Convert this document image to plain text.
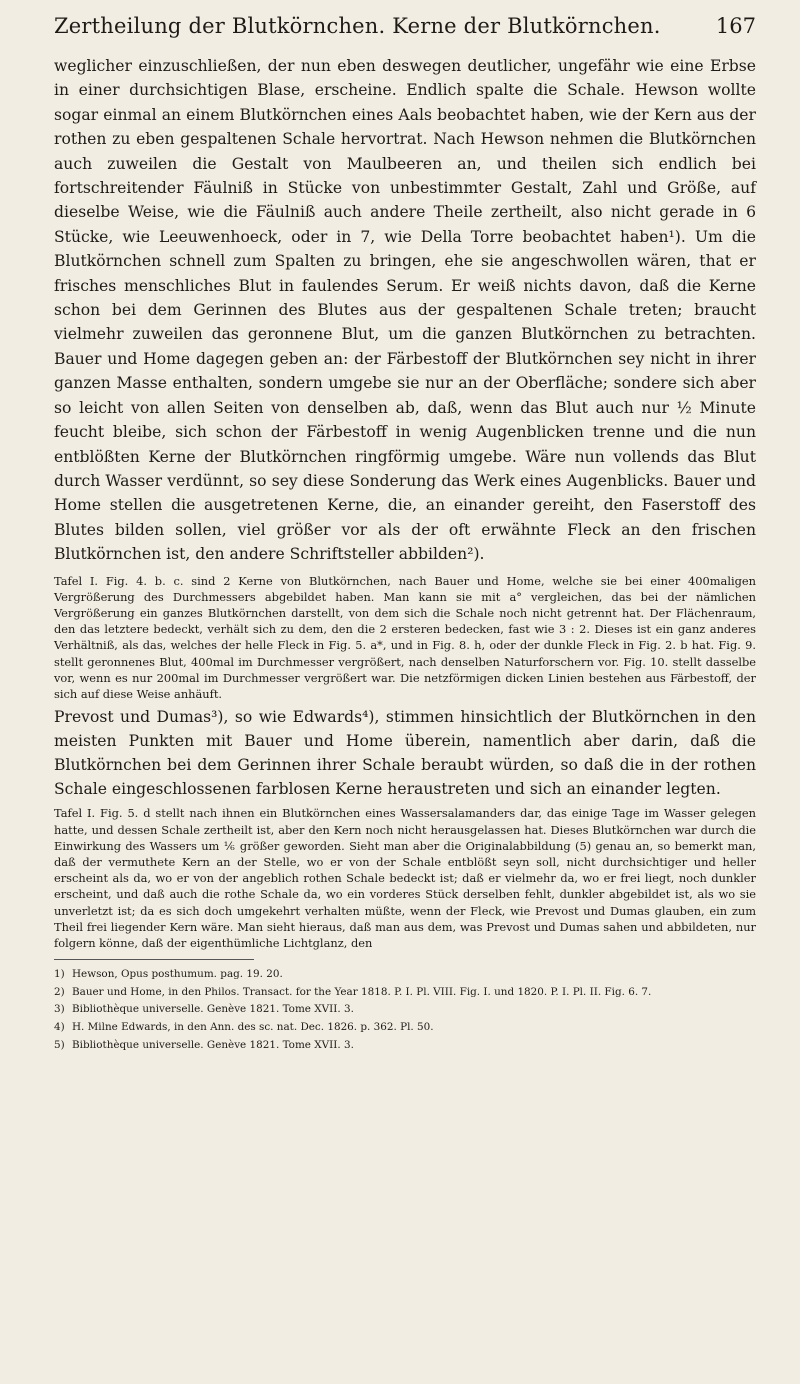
Zertheilung der Blutkörnchen. Kerne der Blutkörnchen.	167

weglicher einzuschließen, der nun eben deswegen deutlicher, ungefähr wie eine Erbse in einer durchsichtigen Blase, erscheine. Endlich spalte die Schale. Hewson wollte sogar einmal an einem Blutkörnchen eines Aals beobachtet haben, wie der Kern aus der rothen zu eben gespaltenen Schale hervortrat. Nach Hewson nehmen die Blutkörnchen auch zuweilen die Gestalt von Maulbeeren an, und theilen sich endlich bei fortschreitender Fäulniß in Stücke von unbestimmter Gestalt, Zahl und Größe, auf dieselbe Weise, wie die Fäulniß auch andere Theile zertheilt, also nicht gerade in 6 Stücke, wie Leeuwenhoeck, oder in 7, wie Della Torre beobachtet haben¹). Um die Blutkörnchen schnell zum Spalten zu bringen, ehe sie angeschwollen wären, that er frisches menschliches Blut in faulendes Serum. Er weiß nichts davon, daß die Kerne schon bei dem Gerinnen des Blutes aus der gespaltenen Schale treten; braucht vielmehr zuweilen das geronnene Blut, um die ganzen Blutkörnchen zu betrachten. Bauer und Home dagegen geben an: der Färbestoff der Blutkörnchen sey nicht in ihrer ganzen Masse enthalten, sondern umgebe sie nur an der Oberfläche; sondere sich aber so leicht von allen Seiten von denselben ab, daß, wenn das Blut auch nur ½ Minute feucht bleibe, sich schon der Färbestoff in wenig Augenblicken trenne und die nun entblößten Kerne der Blutkörnchen ringförmig umgebe. Wäre nun vollends das Blut durch Wasser verdünnt, so sey diese Sonderung das Werk eines Augenblicks. Bauer und Home stellen die ausgetretenen Kerne, die, an einander gereiht, den Faserstoff des Blutes bilden sollen, viel größer vor als der oft erwähnte Fleck an den frischen Blutkörnchen ist, den andere Schriftsteller abbilden²).

Tafel I. Fig. 4. b. c. sind 2 Kerne von Blutkörnchen, nach Bauer und Home, welche sie bei einer 400maligen Vergrößerung des Durchmessers abgebildet haben. Man kann sie mit a° vergleichen, das bei der nämlichen Vergrößerung ein ganzes Blutkörnchen darstellt, von dem sich die Schale noch nicht getrennt hat. Der Flächenraum, den das letztere bedeckt, verhält sich zu dem, den die 2 ersteren bedecken, fast wie 3 : 2. Dieses ist ein ganz anderes Verhältniß, als das, welches der helle Fleck in Fig. 5. a*, und in Fig. 8. h, oder der dunkle Fleck in Fig. 2. b hat. Fig. 9. stellt geronnenes Blut, 400mal im Durchmesser vergrößert, nach denselben Naturforschern vor. Fig. 10. stellt dasselbe vor, wenn es nur 200mal im Durchmesser vergrößert war. Die netzförmigen dicken Linien bestehen aus Färbestoff, der sich auf diese Weise anhäuft.

Prevost und Dumas³), so wie Edwards⁴), stimmen hinsichtlich der Blutkörnchen in den meisten Punkten mit Bauer und Home überein, namentlich aber darin, daß die Blutkörnchen bei dem Gerinnen ihrer Schale beraubt würden, so daß die in der rothen Schale eingeschlossenen farblosen Kerne heraustreten und sich an einander legten.

Tafel I. Fig. 5. d stellt nach ihnen ein Blutkörnchen eines Wassersalamanders dar, das einige Tage im Wasser gelegen hatte, und dessen Schale zertheilt ist, aber den Kern noch nicht herausgelassen hat. Dieses Blutkörnchen war durch die Einwirkung des Wassers um ⅙ größer geworden. Sieht man aber die Originalabbildung (5) genau an, so bemerkt man, daß der vermuthete Kern an der Stelle, wo er von der Schale entblößt seyn soll, nicht durchsichtiger und heller erscheint als da, wo er von der angeblich rothen Schale bedeckt ist; daß er vielmehr da, wo er frei liegt, noch dunkler erscheint, und daß auch die rothe Schale da, wo ein vorderes Stück derselben fehlt, dunkler abgebildet ist, als wo sie unverletzt ist; da es sich doch umgekehrt verhalten müßte, wenn der Fleck, wie Prevost und Dumas glauben, ein zum Theil frei liegender Kern wäre. Man sieht hieraus, daß man aus dem, was Prevost und Dumas sahen und abbildeten, nur folgern könne, daß der eigenthümliche Lichtglanz, den

1) Hewson, Opus posthumum. pag. 19. 20.
2) Bauer und Home, in den Philos. Transact. for the Year 1818. P. I. Pl. VIII. Fig. I. und 1820. P. I. Pl. II. Fig. 6. 7.
3) Bibliothèque universelle. Genève 1821. Tome XVII. 3.
4) H. Milne Edwards, in den Ann. des sc. nat. Dec. 1826. p. 362. Pl. 50.
5) Bibliothèque universelle. Genève 1821. Tome XVII. 3.
